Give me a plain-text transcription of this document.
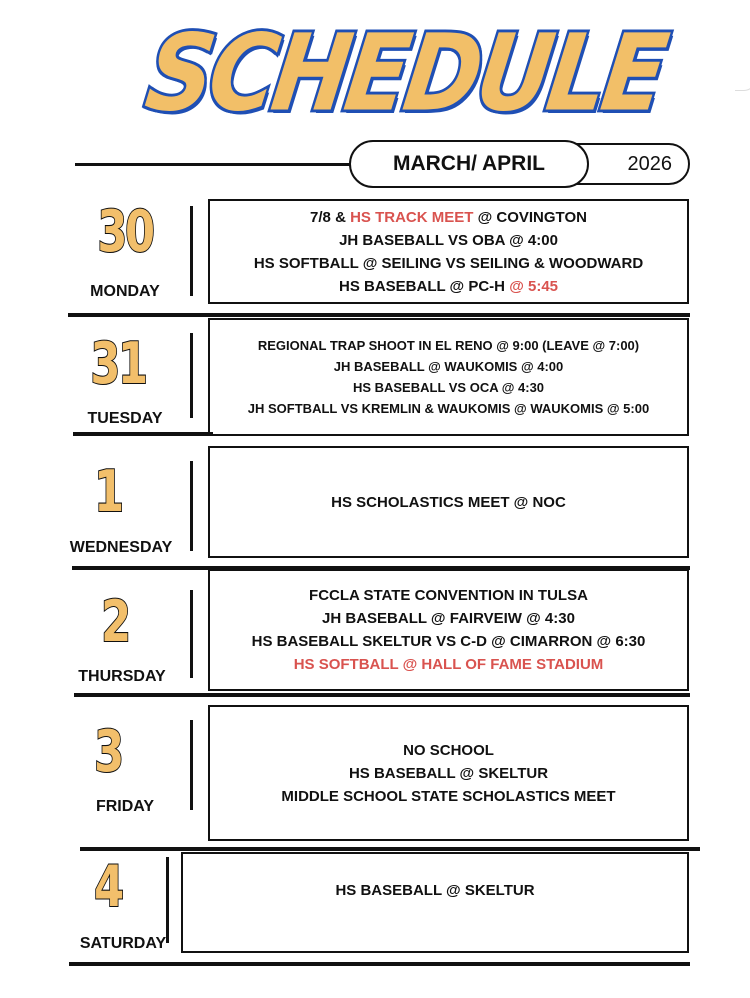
SCHEDULE
2026
MARCH/ APRIL
30
MONDAY
7/8 & HS TRACK MEET @ COVINGTON
JH BASEBALL VS OBA @ 4:00
HS SOFTBALL @ SEILING VS SEILING & WOODWARD
HS BASEBALL @ PC-H @ 5:45
31
TUESDAY
REGIONAL TRAP SHOOT IN EL RENO @ 9:00 (LEAVE @ 7:00)
JH BASEBALL @ WAUKOMIS @ 4:00
HS BASEBALL VS OCA @ 4:30
JH SOFTBALL VS KREMLIN & WAUKOMIS @ WAUKOMIS @ 5:00
1
WEDNESDAY
HS SCHOLASTICS MEET @ NOC
2
THURSDAY
FCCLA STATE CONVENTION IN TULSA
JH BASEBALL @ FAIRVEIW @ 4:30
HS BASEBALL SKELTUR VS C-D @ CIMARRON @ 6:30
HS SOFTBALL @ HALL OF FAME STADIUM
3
FRIDAY
NO SCHOOL
HS BASEBALL @ SKELTUR
MIDDLE SCHOOL STATE SCHOLASTICS MEET
4
SATURDAY
HS BASEBALL @ SKELTUR
